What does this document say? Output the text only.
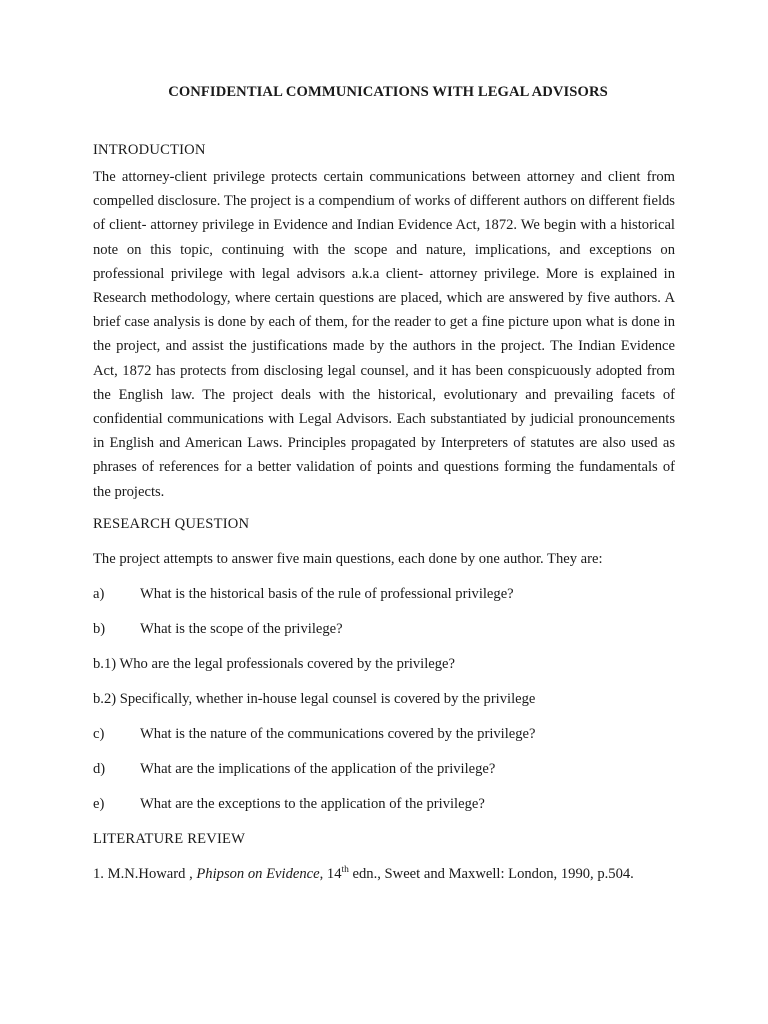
CONFIDENTIAL COMMUNICATIONS WITH LEGAL ADVISORS

INTRODUCTION

The attorney-client privilege protects certain communications between attorney and client from compelled disclosure. The project is a compendium of works of different authors on different fields of client- attorney privilege in Evidence and Indian Evidence Act, 1872. We begin with a historical note on this topic, continuing with the scope and nature, implications, and exceptions on professional privilege with legal advisors a.k.a client- attorney privilege. More is explained in Research methodology, where certain questions are placed, which are answered by five authors. A brief case analysis is done by each of them, for the reader to get a fine picture upon what is done in the project, and assist the justifications made by the authors in the project. The Indian Evidence Act, 1872 has protects from disclosing legal counsel, and it has been conspicuously adopted from the English law. The project deals with the historical, evolutionary and prevailing facets of confidential communications with Legal Advisors. Each substantiated by judicial pronouncements in English and American Laws. Principles propagated by Interpreters of statutes are also used as phrases of references for a better validation of points and questions forming the fundamentals of the projects.

RESEARCH QUESTION

The project attempts to answer five main questions, each done by one author. They are:

a)	What is the historical basis of the rule of professional privilege?
b)	What is the scope of the privilege?

b.1) Who are the legal professionals covered by the privilege?

b.2) Specifically, whether in-house legal counsel is covered by the privilege

c)	What is the nature of the communications covered by the privilege?
d)	What are the implications of the application of the privilege?
e)	What are the exceptions to the application of the privilege?

LITERATURE REVIEW

1. M.N.Howard , Phipson on Evidence, 14th edn., Sweet and Maxwell: London, 1990, p.504.
